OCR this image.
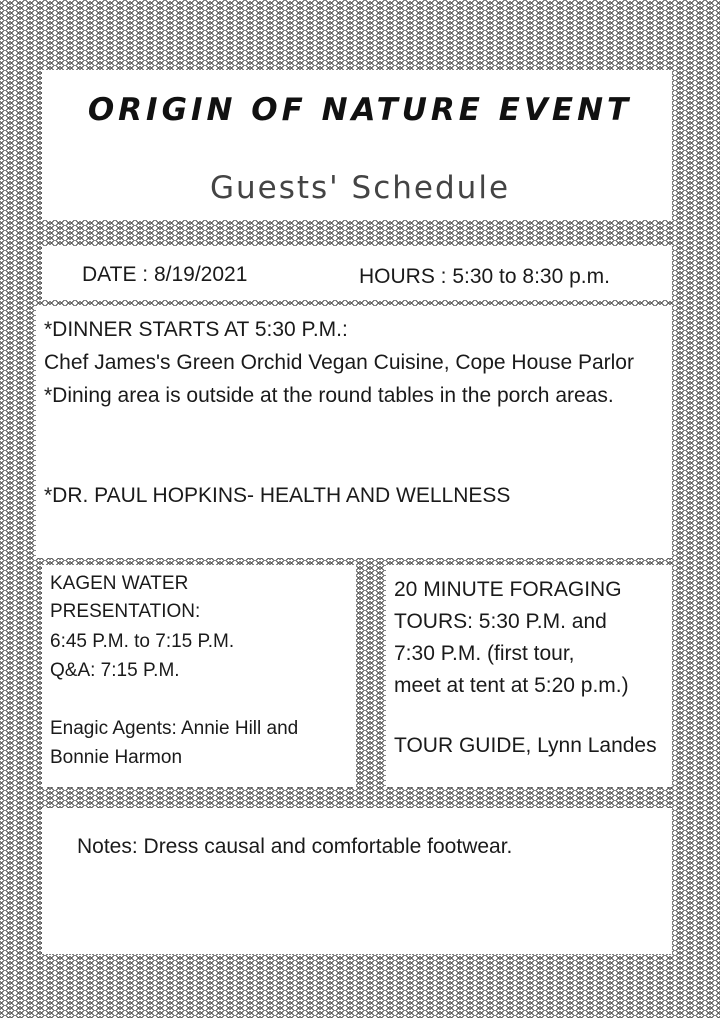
ORIGIN OF NATURE EVENT
Guests' Schedule
DATE : 8/19/2021	HOURS : 5:30 to 8:30 p.m.
*DINNER STARTS AT 5:30 P.M.:
Chef James's Green Orchid Vegan Cuisine, Cope House Parlor
*Dining area is outside at the round tables in the porch areas.
*DR. PAUL HOPKINS- HEALTH AND WELLNESS
KAGEN WATER
PRESENTATION:
6:45 P.M. to 7:15 P.M.
Q&A: 7:15 P.M.
Enagic Agents: Annie Hill and
Bonnie Harmon
20 MINUTE FORAGING
TOURS: 5:30 P.M. and
7:30 P.M. (first tour,
meet at tent at 5:20 p.m.)
TOUR GUIDE, Lynn Landes
Notes: Dress causal and comfortable footwear.
